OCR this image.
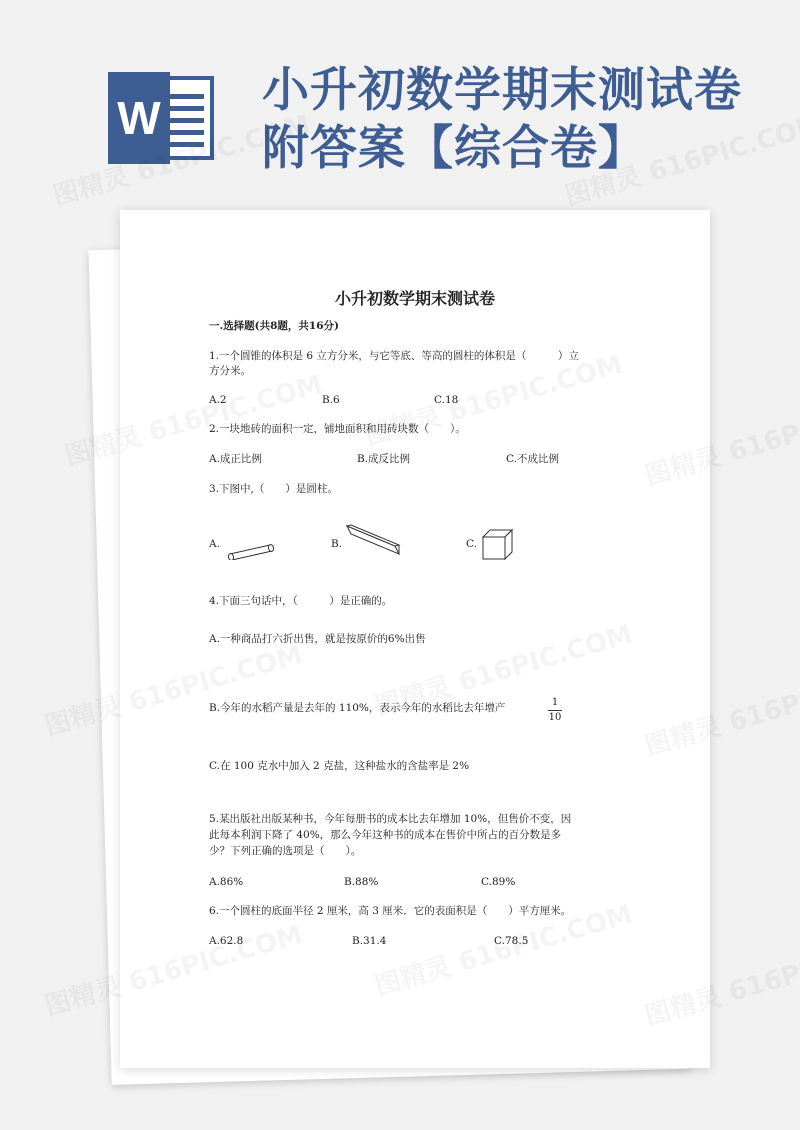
W 小升初数学期末测试卷
附答案【综合卷】
小升初数学期末测试卷
一.选择题(共8题，共16分)
1.一个圆锥的体积是 6 立方分米，与它等底、等高的圆柱的体积是（　　　）立
方分米。
A.2	B.6	C.18
2.一块地砖的面积一定，铺地面积和用砖块数（　　）。
A.成正比例	B.成反比例	C.不成比例
3.下图中,（　　）是圆柱。
A.	B.	C.
4.下面三句话中，（　　　）是正确的。
A.一种商品打六折出售，就是按原价的6%出售
B.今年的水稻产量是去年的 110%，表示今年的水稻比去年增产	1
10
C.在 100 克水中加入 2 克盐，这种盐水的含盐率是 2%
5.某出版社出版某种书，今年每册书的成本比去年增加 10%，但售价不变，因
此每本利润下降了 40%，那么今年这种书的成本在售价中所占的百分数是多
少？下列正确的选项是（　　）。
A.86%	B.88%	C.89%
6.一个圆柱的底面半径 2 厘米，高 3 厘米．它的表面积是（　　）平方厘米。
A.62.8	B.31.4	C.78.5
